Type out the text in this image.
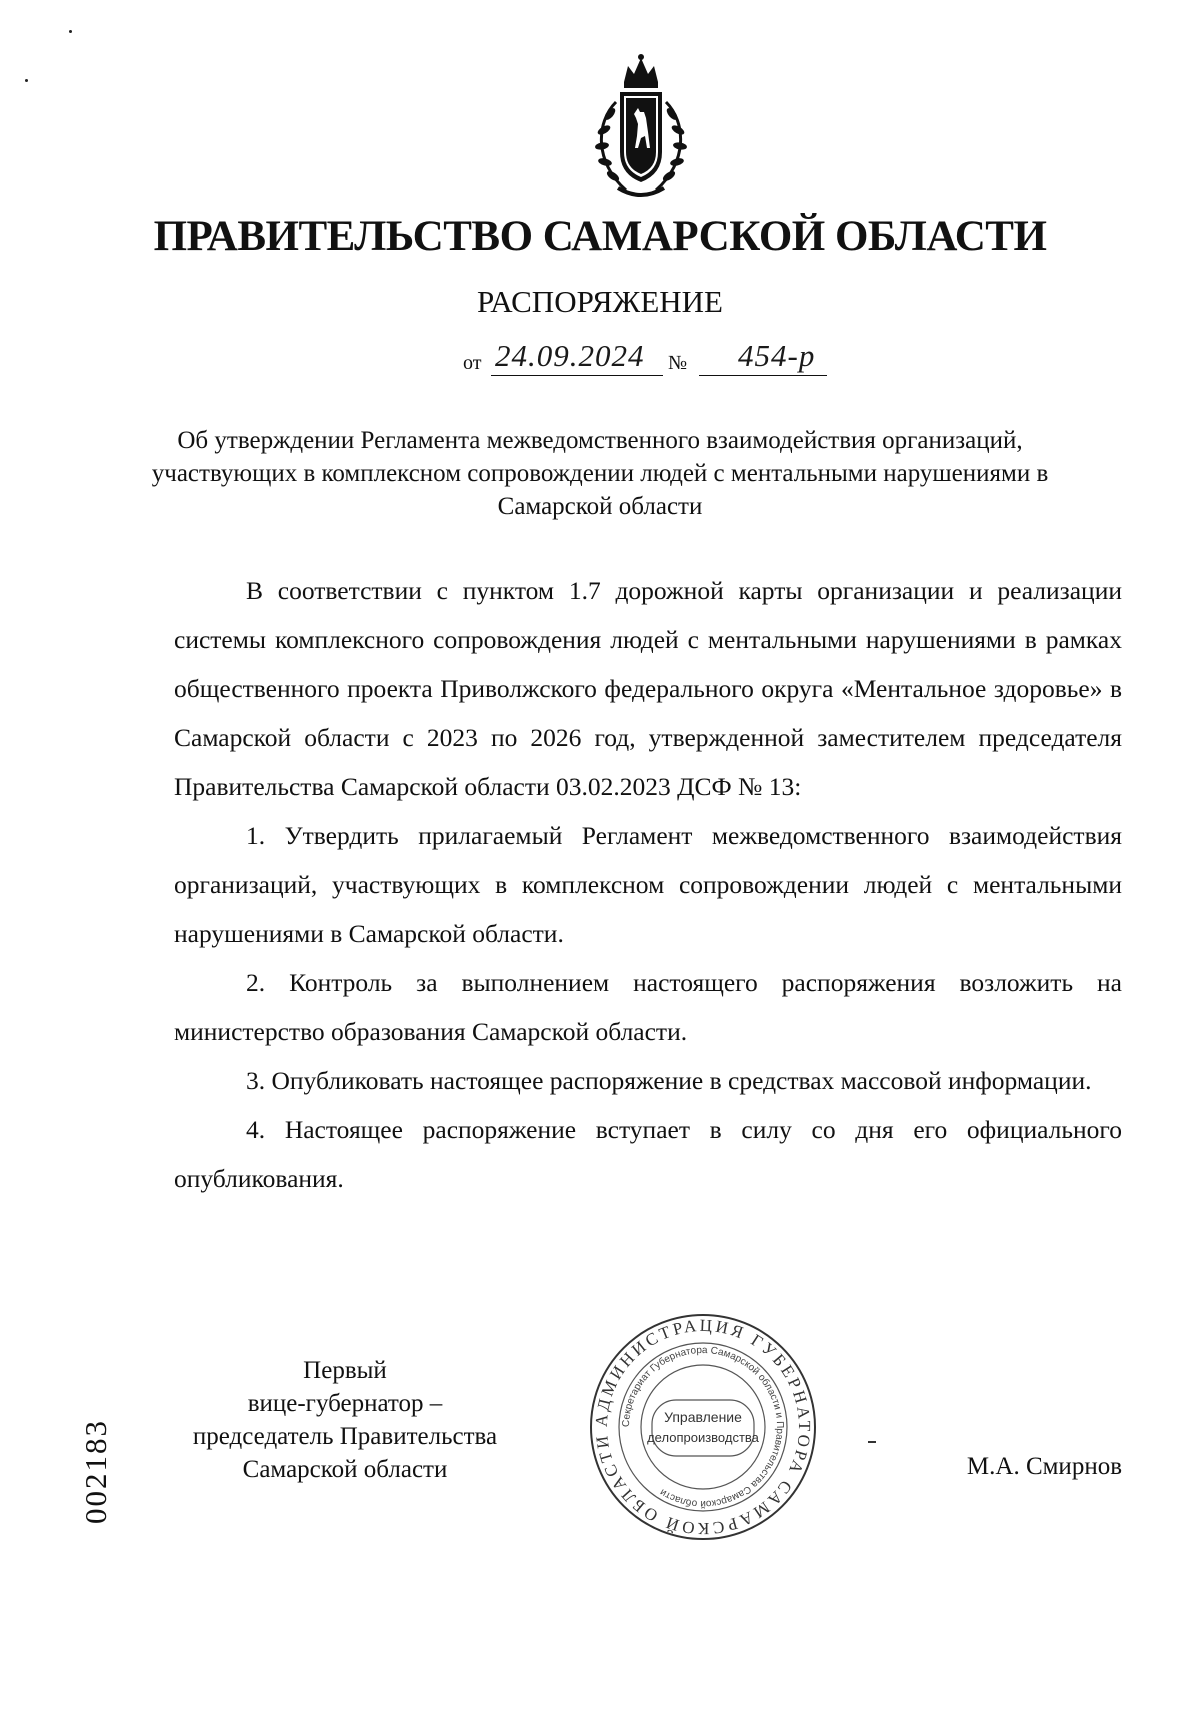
ПРАВИТЕЛЬСТВО САМАРСКОЙ ОБЛАСТИ
РАСПОРЯЖЕНИЕ
от 24.09.2024 № 454-р
Об утверждении Регламента межведомственного взаимодействия организаций, участвующих в комплексном сопровождении людей с ментальными нарушениями в Самарской области

В соответствии с пунктом 1.7 дорожной карты организации и реализации системы комплексного сопровождения людей с ментальными нарушениями в рамках общественного проекта Приволжского федерального округа «Ментальное здоровье» в Самарской области с 2023 по 2026 год, утвержденной заместителем председателя Правительства Самарской области 03.02.2023 ДСФ № 13:

1. Утвердить прилагаемый Регламент межведомственного взаимодействия организаций, участвующих в комплексном сопровождении людей с ментальными нарушениями в Самарской области.

2. Контроль за выполнением настоящего распоряжения возложить на министерство образования Самарской области.

3. Опубликовать настоящее распоряжение в средствах массовой информации.

4. Настоящее распоряжение вступает в силу со дня его официального опубликования.

Первый
вице-губернатор –
председатель Правительства
Самарской области
АДМИНИСТРАЦИЯ ГУБЕРНАТОРА САМАРСКОЙ ОБЛАСТИ
Секретариат Губернатора Самарской области и Правительства Самарской области
Управление
делопроизводства
М.А. Смирнов
002183
